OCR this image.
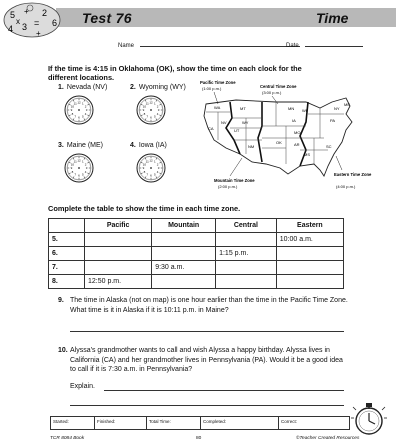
5	2
6
4 3
+
x =
+
Test 76	Time
Name	Date
If the time is 4:15 in Oklahoma (OK), show the time on each clock for the
different locations.
1. Nevada (NV)
1
2
3
4
5
6
7
8
9
10
11 12
2. Wyoming (WY)
1
2
3
4
5
6
7
8
9
10
11 12
3. Maine (ME)
1
2
3
4
5
6
7
8
9
10
11 12
4. Iowa (IA)
1
2
3
4
5
6
7
8
9
10
11 12
WA	MT
WY
CA
NV
UT
NM
OK
IA
MO
AR
MS
SC
PA
ME
MN WI	NY
Pacific Time Zone
(1:00 p.m.)	Central Time Zone
(3:00 p.m.)
Mountain Time Zone
(2:00 p.m.)
Eastern Time Zone
(4:00 p.m.)
Complete the table to show the time in each time zone.
	Pacific	Mountain	Central	Eastern
5.				10:00 a.m.
6.			1:15 p.m.	
7.		9:30 a.m.		
8.	12:50 p.m.			
9. The time in Alaska (not on map) is one hour earlier than the time in the Pacific Time Zone. What time is it in Alaska if it is 10:11 p.m. in Maine?
10. Alyssa's grandmother wants to call and wish Alyssa a happy birthday. Alyssa lives in California (CA) and her grandmother lives in Pennsylvania (PA). Would it be a good idea to call if it is 7:30 a.m. in Pennsylvania?
Explain.
Started:	Finished:	Total Time:	Completed:	Correct:
TCR 8084 Book	80	©Teacher Created Resources
